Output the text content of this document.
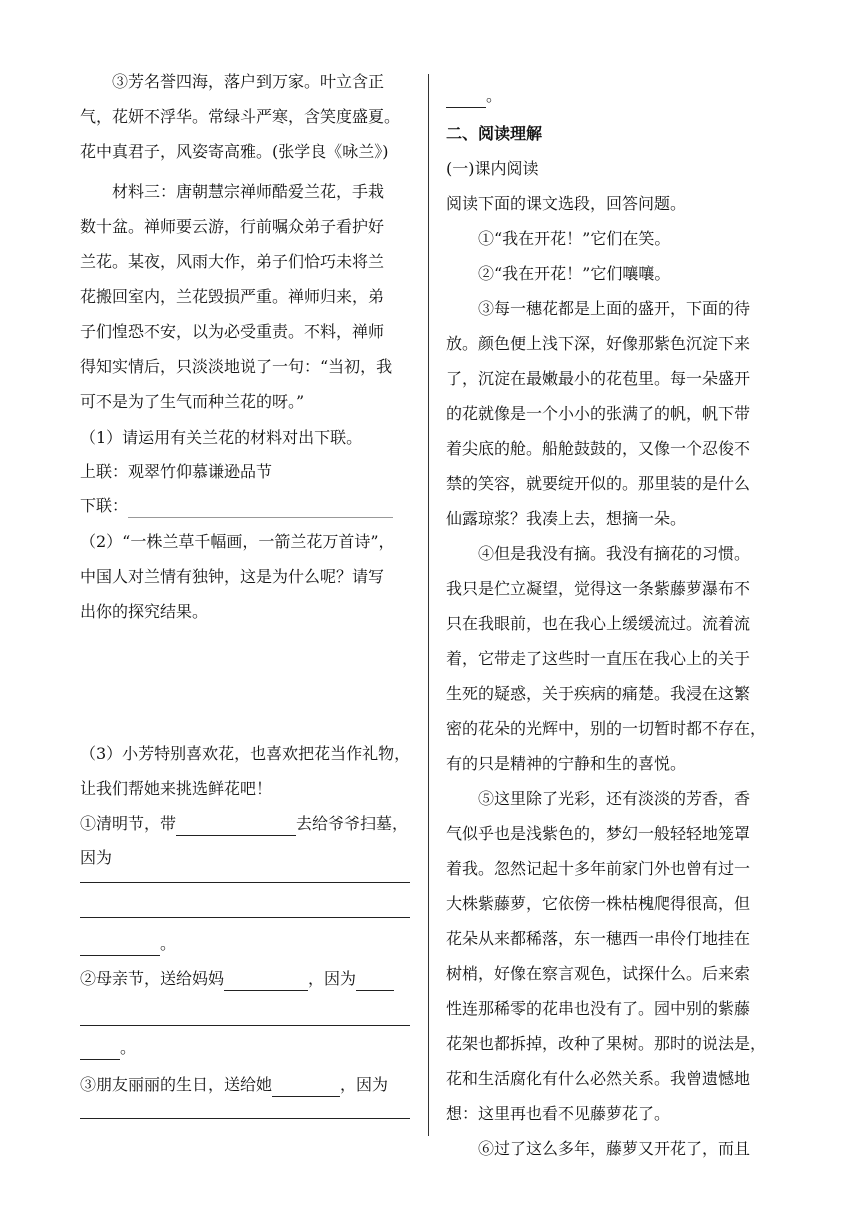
③芳名誉四海，落户到万家。叶立含正
气，花妍不浮华。常绿斗严寒，含笑度盛夏。
花中真君子，风姿寄高雅。(张学良《咏兰》)
材料三：唐朝慧宗禅师酷爱兰花，手栽
数十盆。禅师要云游，行前嘱众弟子看护好
兰花。某夜，风雨大作，弟子们恰巧未将兰
花搬回室内，兰花毁损严重。禅师归来，弟
子们惶恐不安，以为必受重责。不料，禅师
得知实情后，只淡淡地说了一句：“当初，我
可不是为了生气而种兰花的呀。”
（1）请运用有关兰花的材料对出下联。
上联：观翠竹仰慕谦逊品节
下联：
（2）“一株兰草千幅画，一箭兰花万首诗”，
中国人对兰情有独钟，这是为什么呢？请写
出你的探究结果。
（3）小芳特别喜欢花，也喜欢把花当作礼物，
让我们帮她来挑选鲜花吧！
①清明节，带	去给爷爷扫墓，
因为
。
②母亲节，送给妈妈	，因为
。
③朋友丽丽的生日，送给她	，因为
。
二、阅读理解
(一)课内阅读
阅读下面的课文选段，回答问题。
①“我在开花！”它们在笑。
②“我在开花！”它们嚷嚷。
③每一穗花都是上面的盛开，下面的待
放。颜色便上浅下深，好像那紫色沉淀下来
了，沉淀在最嫩最小的花苞里。每一朵盛开
的花就像是一个小小的张满了的帆，帆下带
着尖底的舱。船舱鼓鼓的，又像一个忍俊不
禁的笑容，就要绽开似的。那里装的是什么
仙露琼浆？我凑上去，想摘一朵。
④但是我没有摘。我没有摘花的习惯。
我只是伫立凝望，觉得这一条紫藤萝瀑布不
只在我眼前，也在我心上缓缓流过。流着流
着，它带走了这些时一直压在我心上的关于
生死的疑惑，关于疾病的痛楚。我浸在这繁
密的花朵的光辉中，别的一切暂时都不存在，
有的只是精神的宁静和生的喜悦。
⑤这里除了光彩，还有淡淡的芳香，香
气似乎也是浅紫色的，梦幻一般轻轻地笼罩
着我。忽然记起十多年前家门外也曾有过一
大株紫藤萝，它依傍一株枯槐爬得很高，但
花朵从来都稀落，东一穗西一串伶仃地挂在
树梢，好像在察言观色，试探什么。后来索
性连那稀零的花串也没有了。园中别的紫藤
花架也都拆掉，改种了果树。那时的说法是，
花和生活腐化有什么必然关系。我曾遗憾地
想：这里再也看不见藤萝花了。
⑥过了这么多年，藤萝又开花了，而且
